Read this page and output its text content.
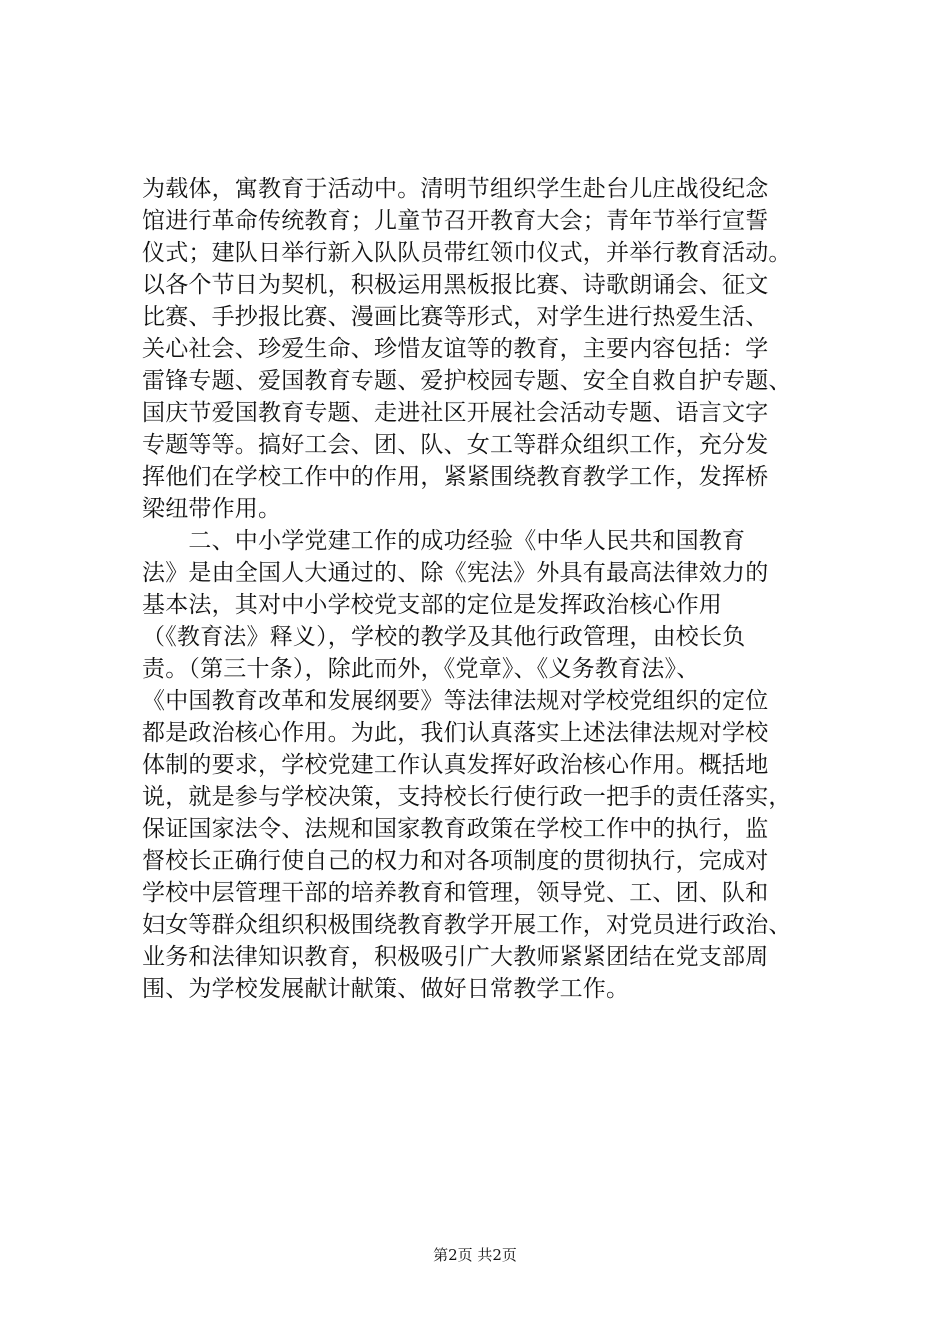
为载体，寓教育于活动中。清明节组织学生赴台儿庄战役纪念
馆进行革命传统教育；儿童节召开教育大会；青年节举行宣誓
仪式；建队日举行新入队队员带红领巾仪式，并举行教育活动。
以各个节日为契机，积极运用黑板报比赛、诗歌朗诵会、征文
比赛、手抄报比赛、漫画比赛等形式，对学生进行热爱生活、
关心社会、珍爱生命、珍惜友谊等的教育，主要内容包括：学
雷锋专题、爱国教育专题、爱护校园专题、安全自救自护专题、
国庆节爱国教育专题、走进社区开展社会活动专题、语言文字
专题等等。搞好工会、团、队、女工等群众组织工作，充分发
挥他们在学校工作中的作用，紧紧围绕教育教学工作，发挥桥
梁纽带作用。
　　二、中小学党建工作的成功经验《中华人民共和国教育
法》是由全国人大通过的、除《宪法》外具有最高法律效力的
基本法，其对中小学校党支部的定位是发挥政治核心作用
（《教育法》释义），学校的教学及其他行政管理，由校长负
责。（第三十条），除此而外，《党章》、《义务教育法》、
《中国教育改革和发展纲要》等法律法规对学校党组织的定位
都是政治核心作用。为此，我们认真落实上述法律法规对学校
体制的要求，学校党建工作认真发挥好政治核心作用。概括地
说，就是参与学校决策，支持校长行使行政一把手的责任落实，
保证国家法令、法规和国家教育政策在学校工作中的执行，监
督校长正确行使自己的权力和对各项制度的贯彻执行，完成对
学校中层管理干部的培养教育和管理，领导党、工、团、队和
妇女等群众组织积极围绕教育教学开展工作，对党员进行政治、
业务和法律知识教育，积极吸引广大教师紧紧团结在党支部周
围、为学校发展献计献策、做好日常教学工作。
第2页 共2页
